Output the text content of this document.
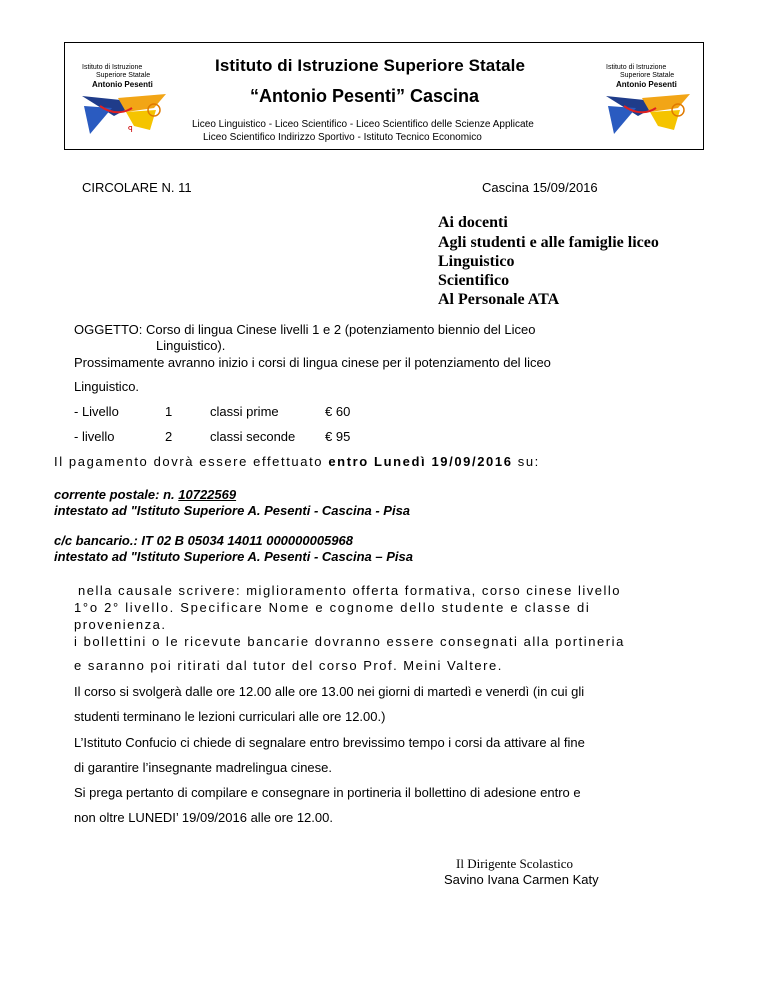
Istituto di Istruzione
Superiore Statale
Antonio Pesenti
ꟼ
Istituto di Istruzione
Superiore Statale
Antonio Pesenti
Istituto di Istruzione Superiore Statale
“Antonio Pesenti” Cascina
Liceo Linguistico - Liceo Scientifico - Liceo Scientifico delle Scienze Applicate
Liceo Scientifico Indirizzo Sportivo - Istituto Tecnico Economico
CIRCOLARE N. 11	Cascina 15/09/2016
Ai docenti
Agli studenti e alle famiglie liceo
Linguistico
Scientifico
Al Personale ATA
OGGETTO: Corso di lingua Cinese livelli 1 e 2 (potenziamento biennio del Liceo
Linguistico).
Prossimamente avranno inizio i corsi di lingua cinese per il potenziamento del liceo
Linguistico.
- Livello	1	classi prime	€ 60
- livello	2	classi seconde € 95
Il pagamento dovrà essere effettuato entro Lunedì 19/09/2016 su:
corrente postale: n. 10722569
intestato ad "Istituto Superiore A. Pesenti - Cascina - Pisa
c/c bancario.: IT 02 B 05034 14011 000000005968
intestato ad "Istituto Superiore A. Pesenti - Cascina – Pisa
nella causale scrivere: miglioramento offerta formativa, corso cinese livello
1°o 2° livello. Specificare Nome e cognome dello studente e classe di
provenienza.
i bollettini o le ricevute bancarie dovranno essere consegnati alla portineria
e saranno poi ritirati dal tutor del corso Prof. Meini Valtere.
Il corso si svolgerà dalle ore 12.00 alle ore 13.00 nei giorni di martedì e venerdì (in cui gli
studenti terminano le lezioni curriculari alle ore 12.00.)
L’Istituto Confucio ci chiede di segnalare entro brevissimo tempo i corsi da attivare al fine
di garantire l’insegnante madrelingua cinese.
Si prega pertanto di compilare e consegnare in portineria il bollettino di adesione entro e
non oltre LUNEDI’ 19/09/2016 alle ore 12.00.
Il Dirigente Scolastico
Savino Ivana Carmen Katy
